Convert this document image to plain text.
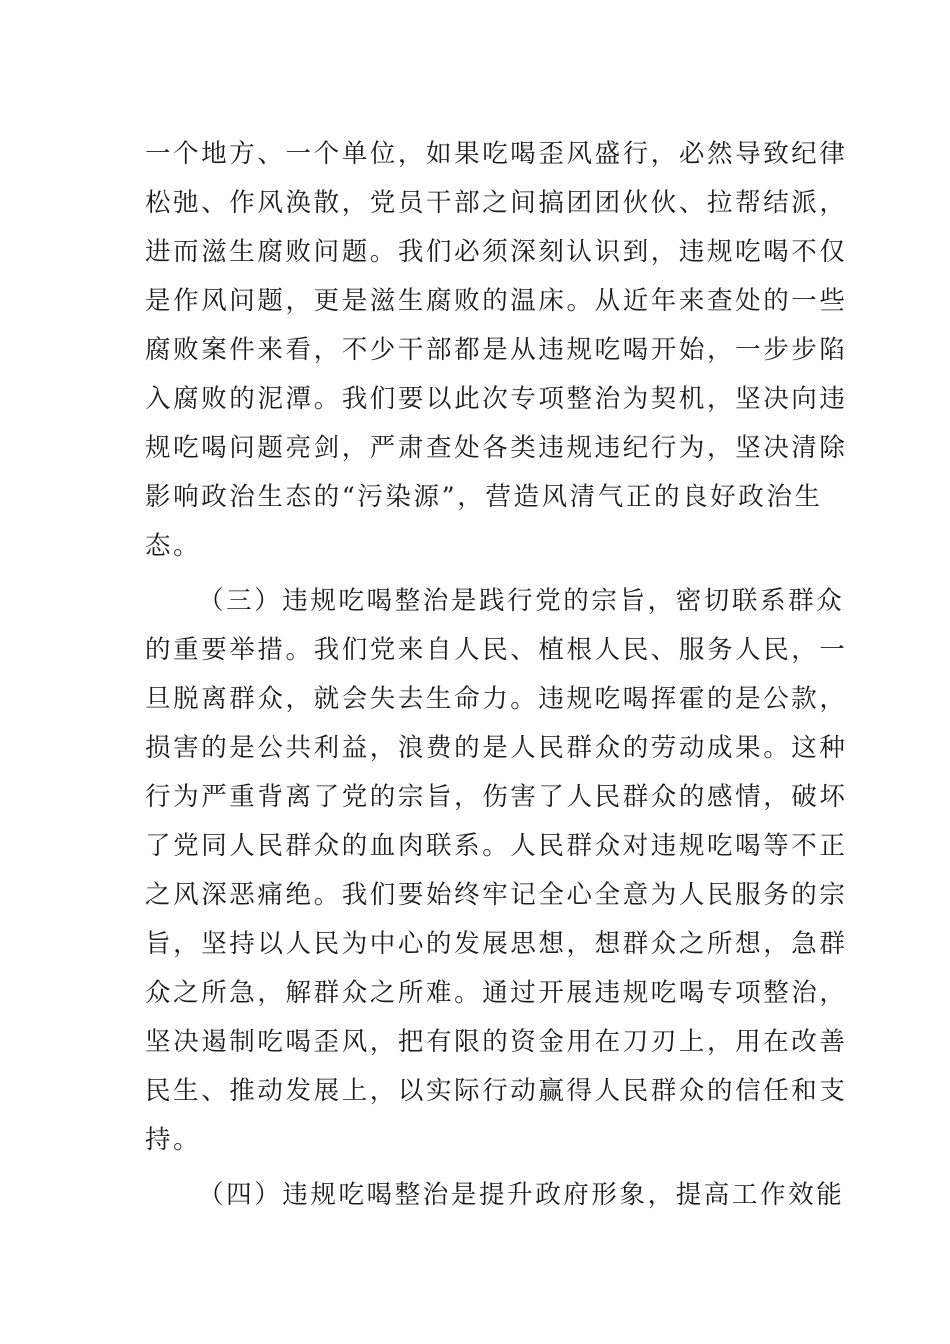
一个地方、一个单位，如果吃喝歪风盛行，必然导致纪律
松弛、作风涣散，党员干部之间搞团团伙伙、拉帮结派，
进而滋生腐败问题。我们必须深刻认识到，违规吃喝不仅
是作风问题，更是滋生腐败的温床。从近年来查处的一些
腐败案件来看，不少干部都是从违规吃喝开始，一步步陷
入腐败的泥潭。我们要以此次专项整治为契机，坚决向违
规吃喝问题亮剑，严肃查处各类违规违纪行为，坚决清除
影响政治生态的“污染源”，营造风清气正的良好政治生
态。
（三）违规吃喝整治是践行党的宗旨，密切联系群众
的重要举措。我们党来自人民、植根人民、服务人民，一
旦脱离群众，就会失去生命力。违规吃喝挥霍的是公款，
损害的是公共利益，浪费的是人民群众的劳动成果。这种
行为严重背离了党的宗旨，伤害了人民群众的感情，破坏
了党同人民群众的血肉联系。人民群众对违规吃喝等不正
之风深恶痛绝。我们要始终牢记全心全意为人民服务的宗
旨，坚持以人民为中心的发展思想，想群众之所想，急群
众之所急，解群众之所难。通过开展违规吃喝专项整治，
坚决遏制吃喝歪风，把有限的资金用在刀刃上，用在改善
民生、推动发展上，以实际行动赢得人民群众的信任和支
持。
（四）违规吃喝整治是提升政府形象，提高工作效能
